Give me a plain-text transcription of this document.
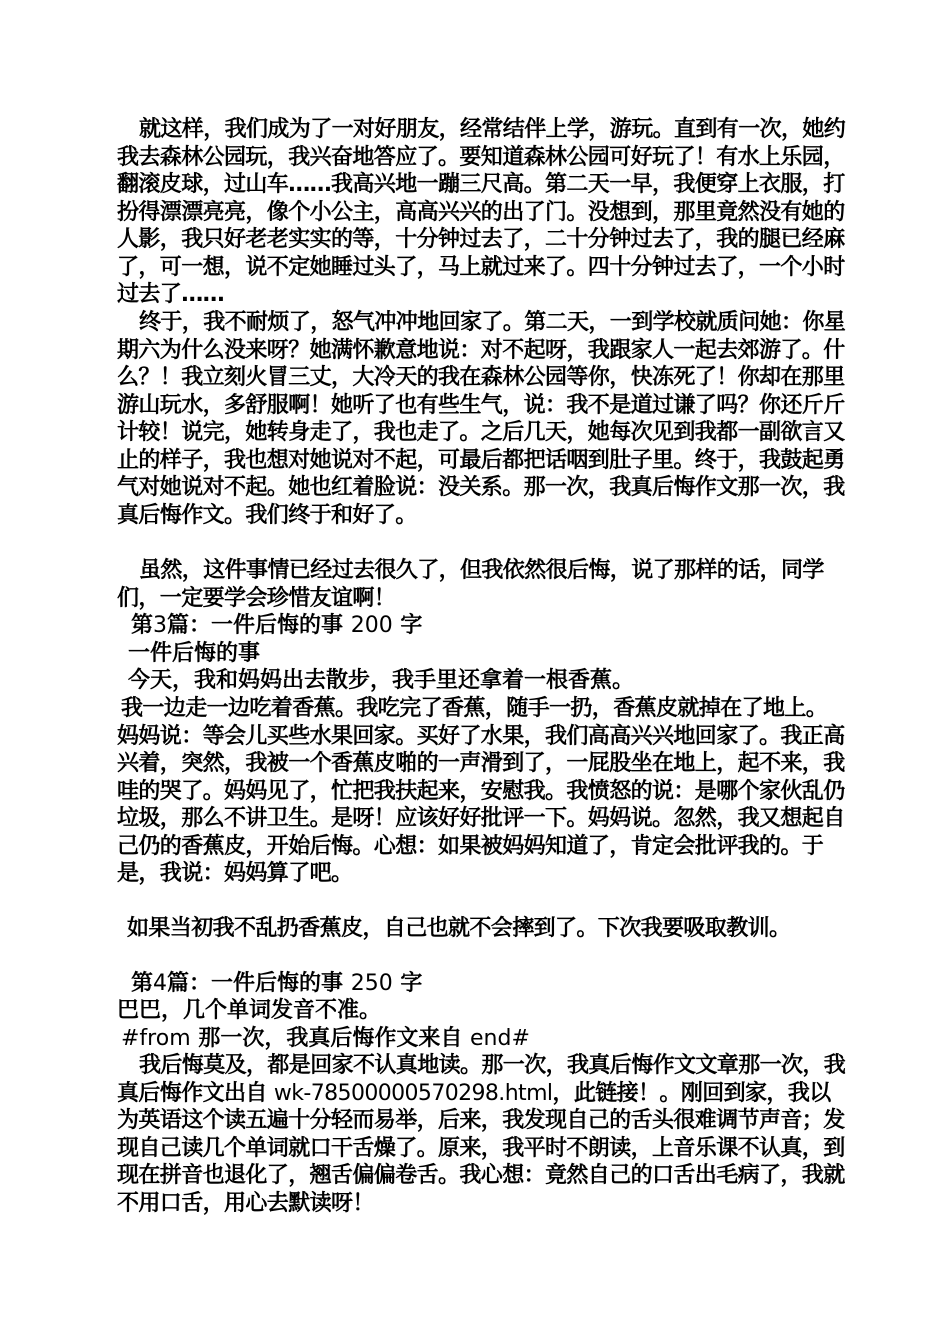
就这样，我们成为了一对好朋友，经常结伴上学，游玩。直到有一次，她约我去森林公园玩，我兴奋地答应了。要知道森林公园可好玩了！有水上乐园，翻滚皮球，过山车……我高兴地一蹦三尺高。第二天一早，我便穿上衣服，打扮得漂漂亮亮，像个小公主，高高兴兴的出了门。没想到，那里竟然没有她的人影，我只好老老实实的等，十分钟过去了，二十分钟过去了，我的腿已经麻了，可一想，说不定她睡过头了，马上就过来了。四十分钟过去了，一个小时过去了……
终于，我不耐烦了，怒气冲冲地回家了。第二天，一到学校就质问她：你星期六为什么没来呀？她满怀歉意地说：对不起呀，我跟家人一起去郊游了。什么？！我立刻火冒三丈，大冷天的我在森林公园等你，快冻死了！你却在那里游山玩水，多舒服啊！她听了也有些生气，说：我不是道过谦了吗？你还斤斤计较！说完，她转身走了，我也走了。之后几天，她每次见到我都一副欲言又止的样子，我也想对她说对不起，可最后都把话咽到肚子里。终于，我鼓起勇气对她说对不起。她也红着脸说：没关系。那一次，我真后悔作文那一次，我真后悔作文。我们终于和好了。
虽然，这件事情已经过去很久了，但我依然很后悔，说了那样的话，同学们，一定要学会珍惜友谊啊！
第3篇：一件后悔的事 200 字
一件后悔的事
今天，我和妈妈出去散步，我手里还拿着一根香蕉。
我一边走一边吃着香蕉。我吃完了香蕉，随手一扔，香蕉皮就掉在了地上。妈妈说：等会儿买些水果回家。买好了水果，我们高高兴兴地回家了。我正高兴着，突然，我被一个香蕉皮啪的一声滑到了，一屁股坐在地上，起不来，我哇的哭了。妈妈见了，忙把我扶起来，安慰我。我愤怒的说：是哪个家伙乱仍垃圾，那么不讲卫生。是呀！应该好好批评一下。妈妈说。忽然，我又想起自己仍的香蕉皮，开始后悔。心想：如果被妈妈知道了，肯定会批评我的。于是，我说：妈妈算了吧。
如果当初我不乱扔香蕉皮，自己也就不会摔到了。下次我要吸取教训。
第4篇：一件后悔的事 250 字
巴巴，几个单词发音不准。
#from 那一次，我真后悔作文来自 end#
我后悔莫及，都是回家不认真地读。那一次，我真后悔作文文章那一次，我真后悔作文出自 wk-78500000570298.html，此链接！。刚回到家，我以为英语这个读五遍十分轻而易举，后来，我发现自己的舌头很难调节声音；发现自己读几个单词就口干舌燥了。原来，我平时不朗读，上音乐课不认真，到现在拼音也退化了，翘舌偏偏卷舌。我心想：竟然自己的口舌出毛病了，我就不用口舌，用心去默读呀！
